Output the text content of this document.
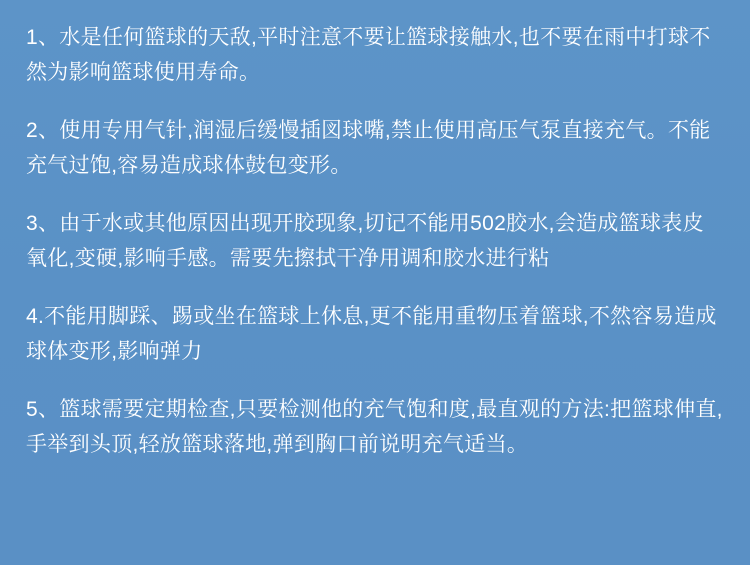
1、水是任何篮球的天敌,平时注意不要让篮球接触水,也不要在雨中打球不然为影响篮球使用寿命。

2、使用专用气针,润湿后缓慢插図球嘴,禁止使用高压气泵直接充气。不能充气过饱,容易造成球体鼓包变形。

3、由于水或其他原因出现开胶现象,切记不能用502胶水,会造成篮球表皮氧化,变硬,影响手感。需要先擦拭干净用调和胶水进行粘

4.不能用脚踩、踢或坐在篮球上休息,更不能用重物压着篮球,不然容易造成球体变形,影响弹力

5、篮球需要定期检查,只要检测他的充气饱和度,最直观的方法:把篮球伸直,手举到头顶,轻放篮球落地,弹到胸口前说明充气适当。
